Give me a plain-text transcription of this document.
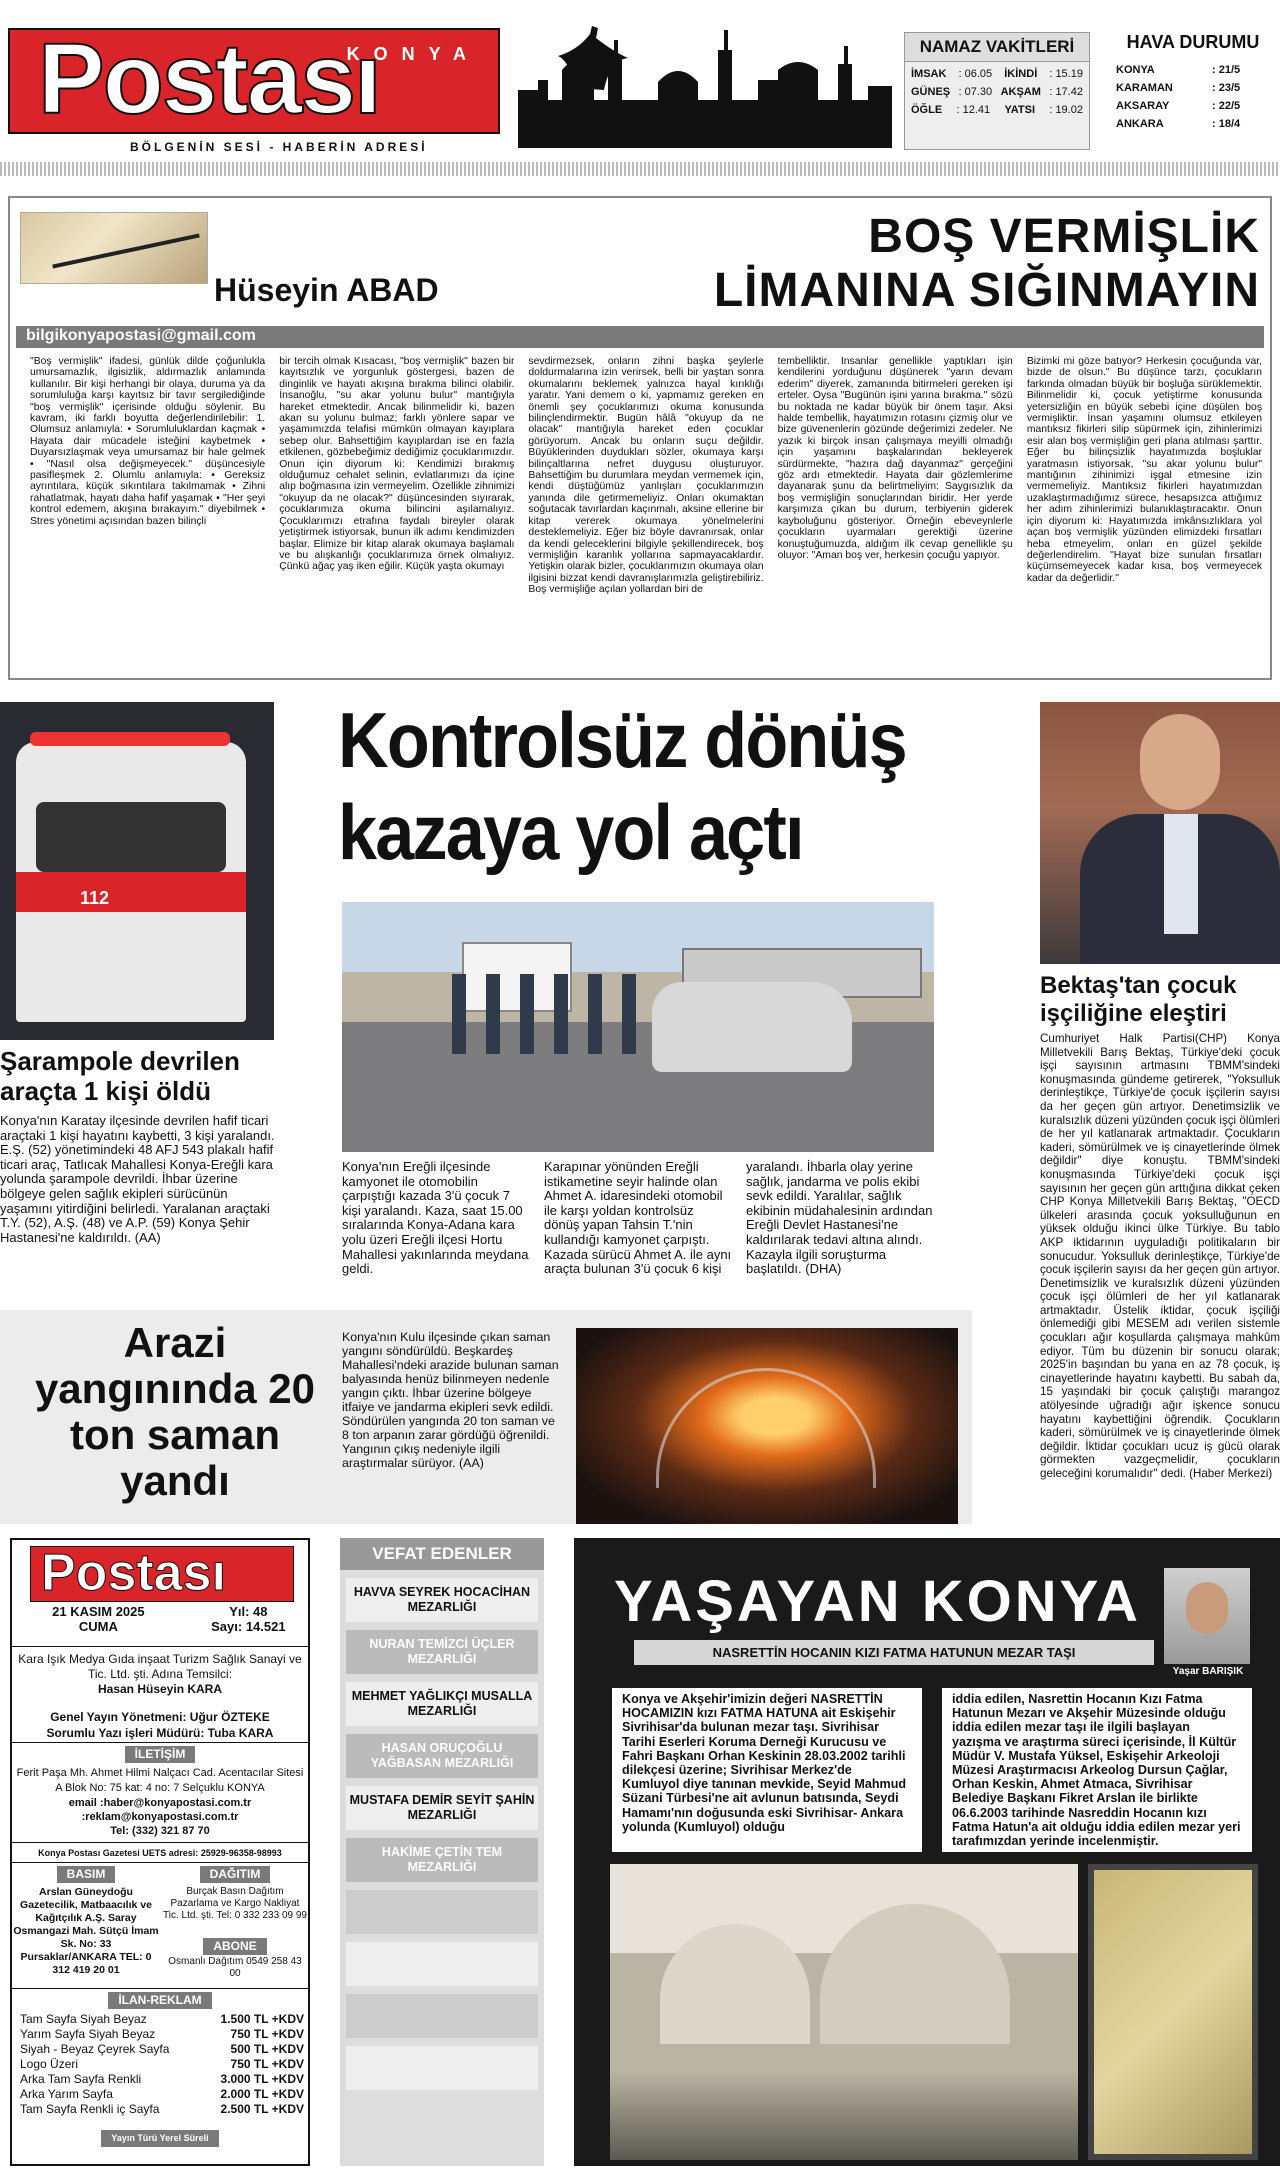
Postası
KONYA
BÖLGENİN SESİ - HABERİN ADRESİ
NAMAZ VAKİTLERİ
İMSAK : 06.05 İKİNDİ : 15.19
GÜNEŞ : 07.30 AKŞAM : 17.42
ÖĞLE : 12.41 YATSI : 19.02
HAVA DURUMU
KONYA	: 21/5
KARAMAN	: 23/5
AKSARAY	: 22/5
ANKARA	: 18/4
Hüseyin ABAD
BOŞ VERMİŞLİK
LİMANINA SIĞINMAYIN
bilgikonyapostasi@gmail.com
"Boş vermişlik" ifadesi, günlük dilde çoğunlukla umursamazlık, ilgisizlik, aldırmazlık anlamında kullanılır. Bir kişi herhangi bir olaya, duruma ya da sorumluluğa karşı kayıtsız bir tavır sergilediğinde "boş vermişlik" içerisinde olduğu söylenir. Bu kavram, iki farklı boyutta değerlendirilebilir: 1. Olumsuz anlamıyla: • Sorumluluklardan kaçmak • Hayata dair mücadele isteğini kaybetmek • Duyarsızlaşmak veya umursamaz bir hale gelmek • "Nasıl olsa değişmeyecek." düşüncesiyle pasifleşmek 2. Olumlu anlamıyla: • Gereksiz ayrıntılara, küçük sıkıntılara takılmamak • Zihni rahatlatmak, hayatı daha hafif yaşamak • "Her şeyi kontrol edemem, akışına bırakayım." diyebilmek • Stres yönetimi açısından bazen bilinçli
bir tercih olmak Kısacası, "boş vermişlik" bazen bir kayıtsızlık ve yorgunluk göstergesi, bazen de dinginlik ve hayatı akışına bırakma bilinci olabilir. İnsanoğlu, "su akar yolunu bulur" mantığıyla hareket etmektedir. Ancak bilinmelidir ki, bazen akan su yolunu bulmaz; farklı yönlere sapar ve yaşamımızda telafisi mümkün olmayan kayıplara sebep olur. Bahsettiğim kayıplardan ise en fazla etkilenen, gözbebeğimiz dediğimiz çocuklarımızdır. Onun için diyorum ki: Kendimizi bırakmış olduğumuz cehalet selinin, evlatlarımızı da içine alıp boğmasına izin vermeyelim. Özellikle zihnimizi "okuyup da ne olacak?" düşüncesinden sıyırarak, çocuklarımıza okuma bilincini aşılamalıyız. Çocuklarımızı etrafına faydalı bireyler olarak yetiştirmek istiyorsak, bunun ilk adımı kendimizden başlar. Elimize bir kitap alarak okumaya başlamalı ve bu alışkanlığı çocuklarımıza örnek olmalıyız. Çünkü ağaç yaş iken eğilir. Küçük yaşta okumayı
sevdirmezsek, onların zihni başka şeylerle doldurmalarına izin verirsek, belli bir yaştan sonra okumalarını beklemek yalnızca hayal kırıklığı yaratır. Yani demem o ki, yapmamız gereken en önemli şey çocuklarımızı okuma konusunda bilinçlendirmektir. Bugün hâlâ "okuyup da ne olacak" mantığıyla hareket eden çocuklar görüyorum. Ancak bu onların suçu değildir. Büyüklerinden duydukları sözler, okumaya karşı bilinçaltlarına nefret duygusu oluşturuyor. Bahsettiğim bu durumlara meydan vermemek için, kendi düştüğümüz yanlışları çocuklarımızın yanında dile getirmemeliyiz. Onları okumaktan soğutacak tavırlardan kaçınmalı, aksine ellerine bir kitap vererek okumaya yönelmelerini desteklemeliyiz. Eğer biz böyle davranırsak, onlar da kendi geleceklerini bilgiyle şekillendirecek, boş vermişliğin karanlık yollarına sapmayacaklardır. Yetişkin olarak bizler, çocuklarımızın okumaya olan ilgisini bizzat kendi davranışlarımızla geliştirebiliriz. Boş vermişliğe açılan yollardan biri de
tembelliktir. İnsanlar genellikle yaptıkları işin kendilerini yorduğunu düşünerek "yarın devam ederim" diyerek, zamanında bitirmeleri gereken işi erteler. Oysa "Bugünün işini yarına bırakma." sözü bu noktada ne kadar büyük bir önem taşır. Aksi halde tembellik, hayatımızın rotasını çizmiş olur ve bize güvenenlerin gözünde değerimizi zedeler. Ne yazık ki birçok insan çalışmaya meyilli olmadığı için yaşamını başkalarından bekleyerek sürdürmekte, "hazıra dağ dayanmaz" gerçeğini göz ardı etmektedir. Hayata dair gözlemlerime dayanarak şunu da belirtmeliyim: Saygısızlık da boş vermişliğin sonuçlarından biridir. Her yerde karşımıza çıkan bu durum, terbiyenin giderek kayboluğunu gösteriyor. Örneğin ebeveynlerle çocukların uyarmaları gerektiği üzerine konuştuğumuzda, aldığım ilk cevap genellikle şu oluyor: "Aman boş ver, herkesin çocuğu yapıyor.
Bizimki mi göze batıyor? Herkesin çocuğunda var, bizde de olsun." Bu düşünce tarzı, çocukların farkında olmadan büyük bir boşluğa sürüklemektir. Bilinmelidir ki, çocuk yetiştirme konusunda yetersizliğin en büyük sebebi içine düşülen boş vermişliktir. İnsan yaşamını olumsuz etkileyen mantıksız fikirleri silip süpürmek için, zihinlerimizi esir alan boş vermişliğin geri plana atılması şarttır. Eğer bu bilinçsizlik hayatımızda boşluklar yaratmasın istiyorsak, "su akar yolunu bulur" mantığının zihinimizi işgal etmesine izin vermemeliyiz. Mantıksız fikirleri hayatımızdan uzaklaştırmadığımız sürece, hesapsızca attığımız her adım zihinlerimizi bulanıklaştıracaktır. Onun için diyorum ki: Hayatımızda imkânsızlıklara yol açan boş vermişlik yüzünden elimizdeki fırsatları heba etmeyelim, onları en güzel şekilde değerlendirelim. "Hayat bize sunulan fırsatları küçümsemeyecek kadar kısa, boş vermeyecek kadar da değerlidir."
112
Şarampole devrilen araçta 1 kişi öldü
Konya'nın Karatay ilçesinde devrilen hafif ticari araçtaki 1 kişi hayatını kaybetti, 3 kişi yaralandı. E.Ş. (52) yönetimindeki 48 AFJ 543 plakalı hafif ticari araç, Tatlıcak Mahallesi Konya-Ereğli kara yolunda şarampole devrildi. İhbar üzerine bölgeye gelen sağlık ekipleri sürücünün yaşamını yitirdiğini belirledi. Yaralanan araçtaki T.Y. (52), A.Ş. (48) ve A.P. (59) Konya Şehir Hastanesi'ne kaldırıldı. (AA)
Kontrolsüz dönüş
kazaya yol açtı
Konya'nın Ereğli ilçesinde kamyonet ile otomobilin çarpıştığı kazada 3'ü çocuk 7 kişi yaralandı. Kaza, saat 15.00 sıralarında Konya-Adana kara yolu üzeri Ereğli ilçesi Hortu Mahallesi yakınlarında meydana geldi.
Karapınar yönünden Ereğli istikametine seyir halinde olan Ahmet A. idaresindeki otomobil ile karşı yoldan kontrolsüz dönüş yapan Tahsin T.'nin kullandığı kamyonet çarpıştı. Kazada sürücü Ahmet A. ile aynı araçta bulunan 3'ü çocuk 6 kişi
yaralandı. İhbarla olay yerine sağlık, jandarma ve polis ekibi sevk edildi. Yaralılar, sağlık ekibinin müdahalesinin ardından Ereğli Devlet Hastanesi'ne kaldırılarak tedavi altına alındı. Kazayla ilgili soruşturma başlatıldı. (DHA)
Bektaş'tan çocuk işçiliğine eleştiri
Cumhuriyet Halk Partisi(CHP) Konya Milletvekili Barış Bektaş, Türkiye'deki çocuk işçi sayısının artmasını TBMM'sindeki konuşmasında gündeme getirerek, "Yoksulluk derinleştikçe, Türkiye'de çocuk işçilerin sayısı da her geçen gün artıyor. Denetimsizlik ve kuralsızlık düzeni yüzünden çocuk işçi ölümleri de her yıl katlanarak artmaktadır. Çocukların kaderi, sömürülmek ve iş cinayetlerinde ölmek değildir" diye konuştu. TBMM'sindeki konuşmasında Türkiye'deki çocuk işçi sayısının her geçen gün arttığına dikkat çeken CHP Konya Milletvekili Barış Bektaş, "OECD ülkeleri arasında çocuk yoksulluğunun en yüksek olduğu ikinci ülke Türkiye. Bu tablo AKP iktidarının uyguladığı politikaların bir sonucudur. Yoksulluk derinleştikçe, Türkiye'de çocuk işçilerin sayısı da her geçen gün artıyor. Denetimsizlik ve kuralsızlık düzeni yüzünden çocuk işçi ölümleri de her yıl katlanarak artmaktadır. Üstelik iktidar, çocuk işçiliği önlemediği gibi MESEM adı verilen sistemle çocukları ağır koşullarda çalışmaya mahkûm ediyor. Tüm bu düzenin bir sonucu olarak; 2025'in başından bu yana en az 78 çocuk, iş cinayetlerinde hayatını kaybetti. Bu sabah da, 15 yaşındaki bir çocuk çalıştığı marangoz atölyesinde uğradığı ağır işkence sonucu hayatını kaybettiğini öğrendik. Çocukların kaderi, sömürülmek ve iş cinayetlerinde ölmek değildir. İktidar çocukları ucuz iş gücü olarak görmekten vazgeçmelidir, çocukların geleceğini korumalıdır" dedi. (Haber Merkezi)
Arazi yangınında 20 ton saman yandı
Konya'nın Kulu ilçesinde çıkan saman yangını söndürüldü. Beşkardeş Mahallesi'ndeki arazide bulunan saman balyasında henüz bilinmeyen nedenle yangın çıktı. İhbar üzerine bölgeye itfaiye ve jandarma ekipleri sevk edildi. Söndürülen yangında 20 ton saman ve 8 ton arpanın zarar gördüğü öğrenildi. Yangının çıkış nedeniyle ilgili araştırmalar sürüyor. (AA)
Postası
21 KASIM 2025 CUMA
Yıl: 48
Sayı: 14.521
Kara Işık Medya Gıda inşaat Turizm Sağlık Sanayi ve Tic. Ltd. şti. Adına Temsilci:
Hasan Hüseyin KARA
Genel Yayın Yönetmeni: Uğur ÖZTEKE
Sorumlu Yazı işleri Müdürü: Tuba KARA
İLETİŞİM
Ferit Paşa Mh. Ahmet Hilmi Nalçacı Cad. Acentacılar Sitesi A Blok No: 75 kat: 4 no: 7 Selçuklu KONYA
email :haber@konyapostasi.com.tr
:reklam@konyapostasi.com.tr
Tel: (332) 321 87 70
Konya Postası Gazetesi UETS adresi: 25929-96358-98993
BASIM
Arslan Güneydoğu Gazetecilik, Matbaacılık ve Kağıtçılık A.Ş. Saray Osmangazi Mah. Sütçü İmam Sk. No: 33 Pursaklar/ANKARA TEL: 0 312 419 20 01
DAĞITIM
Burçak Basın Dağıtım Pazarlama ve Kargo Nakliyat Tic. Ltd. şti. Tel: 0 332 233 09 99
ABONE
Osmanlı Dağıtım 0549 258 43 00
İLAN-REKLAM
Tam Sayfa Siyah Beyaz	1.500 TL +KDV
Yarım Sayfa Siyah Beyaz	750 TL +KDV
Siyah - Beyaz Çeyrek Sayfa	500 TL +KDV
Logo Üzeri	750 TL +KDV
Arka Tam Sayfa Renkli	3.000 TL +KDV
Arka Yarım Sayfa	2.000 TL +KDV
Tam Sayfa Renkli iç Sayfa	2.500 TL +KDV
Yayın Türü Yerel Süreli
VEFAT EDENLER
HAVVA SEYREK HOCACİHAN MEZARLIĞI
NURAN TEMİZCİ ÜÇLER MEZARLIĞI
MEHMET YAĞLIKÇI MUSALLA MEZARLIĞI
HASAN ORUÇOĞLU YAĞBASAN MEZARLIĞI
MUSTAFA DEMİR SEYİT ŞAHİN MEZARLIĞI
HAKİME ÇETİN TEM MEZARLIĞI
YAŞAYAN KONYA
NASRETTİN HOCANIN KIZI FATMA HATUNUN MEZAR TAŞI
Yaşar BARIŞIK
Konya ve Akşehir'imizin değeri NASRETTİN HOCAMIZIN kızı FATMA HATUNA ait Eskişehir Sivrihisar'da bulunan mezar taşı. Sivrihisar Tarihi Eserleri Koruma Derneği Kurucusu ve Fahri Başkanı Orhan Keskinin 28.03.2002 tarihli dilekçesi üzerine; Sivrihisar Merkez'de Kumluyol diye tanınan mevkide, Seyid Mahmud Süzani Türbesi'ne ait avlunun batısında, Seydi Hamamı'nın doğusunda eski Sivrihisar- Ankara yolunda (Kumluyol) olduğu
iddia edilen, Nasrettin Hocanın Kızı Fatma Hatunun Mezarı ve Akşehir Müzesinde olduğu iddia edilen mezar taşı ile ilgili başlayan yazışma ve araştırma süreci içerisinde, İl Kültür Müdür V. Mustafa Yüksel, Eskişehir Arkeoloji Müzesi Araştırmacısı Arkeolog Dursun Çağlar, Orhan Keskin, Ahmet Atmaca, Sivrihisar Belediye Başkanı Fikret Arslan ile birlikte 06.6.2003 tarihinde Nasreddin Hocanın kızı Fatma Hatun'a ait olduğu iddia edilen mezar yeri tarafımızdan yerinde incelenmiştir.
